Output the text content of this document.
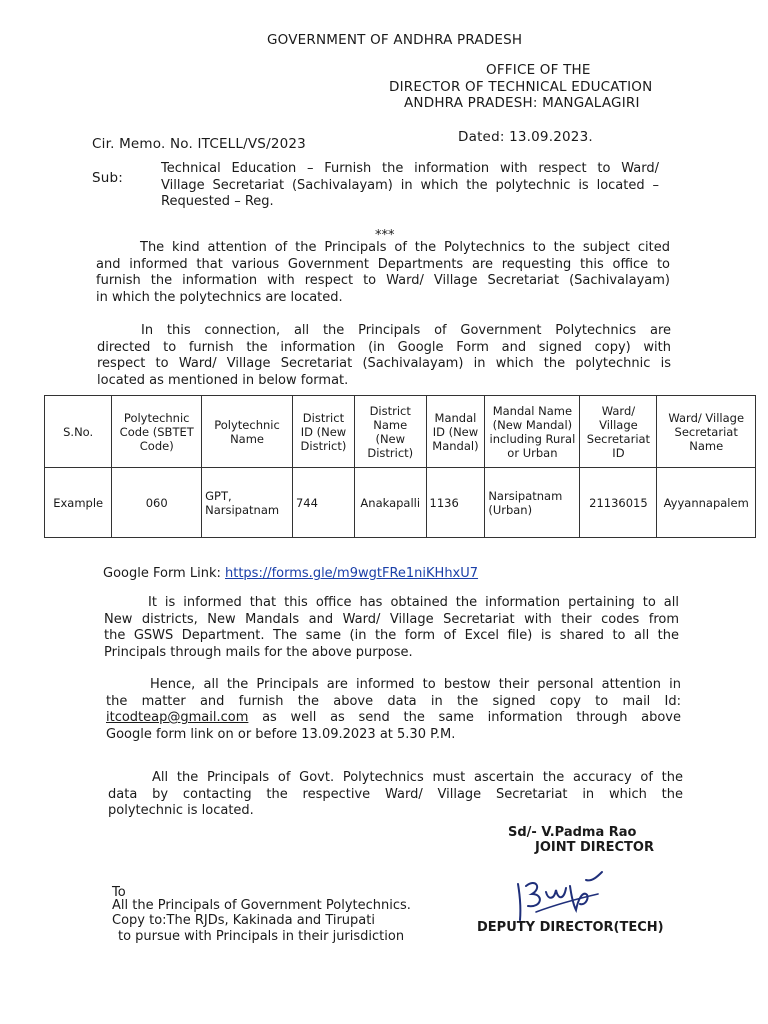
GOVERNMENT OF ANDHRA PRADESH
OFFICE OF THE
DIRECTOR OF TECHNICAL EDUCATION
ANDHRA PRADESH: MANGALAGIRI
Cir. Memo. No. ITCELL/VS/2023	Dated: 13.09.2023.
Sub:
Technical Education – Furnish the information with respect to Ward/
Village Secretariat (Sachivalayam) in which the polytechnic is located –
Requested – Reg.
***
The kind attention of the Principals of the Polytechnics to the subject cited
and informed that various Government Departments are requesting this office to
furnish the information with respect to Ward/ Village Secretariat (Sachivalayam)
in which the polytechnics are located.
In this connection, all the Principals of Government Polytechnics are
directed to furnish the information (in Google Form and signed copy) with
respect to Ward/ Village Secretariat (Sachivalayam) in which the polytechnic is
located as mentioned in below format.
S.No.	Polytechnic Code (SBTET Code)	Polytechnic Name	District ID (New District)	District Name (New District)	Mandal ID (New Mandal)	Mandal Name (New Mandal) including Rural or Urban	Ward/ Village Secretariat ID	Ward/ Village Secretariat Name
Example	060	GPT, Narsipatnam	744	Anakapalli	1136	Narsipatnam (Urban)	21136015	Ayyannapalem
Google Form Link: https://forms.gle/m9wgtFRe1niKHhxU7
It is informed that this office has obtained the information pertaining to all
New districts, New Mandals and Ward/ Village Secretariat with their codes from
the GSWS Department. The same (in the form of Excel file) is shared to all the
Principals through mails for the above purpose.
Hence, all the Principals are informed to bestow their personal attention in
the matter and furnish the above data in the signed copy to mail Id:
itcodteap@gmail.com as well as send the same information through above
Google form link on or before 13.09.2023 at 5.30 P.M.
All the Principals of Govt. Polytechnics must ascertain the accuracy of the
data by contacting the respective Ward/ Village Secretariat in which the
polytechnic is located.
Sd/- V.Padma Rao
JOINT DIRECTOR
DEPUTY DIRECTOR(TECH)
To
All the Principals of Government Polytechnics.
Copy to:The RJDs, Kakinada and Tirupati
to pursue with Principals in their jurisdiction
